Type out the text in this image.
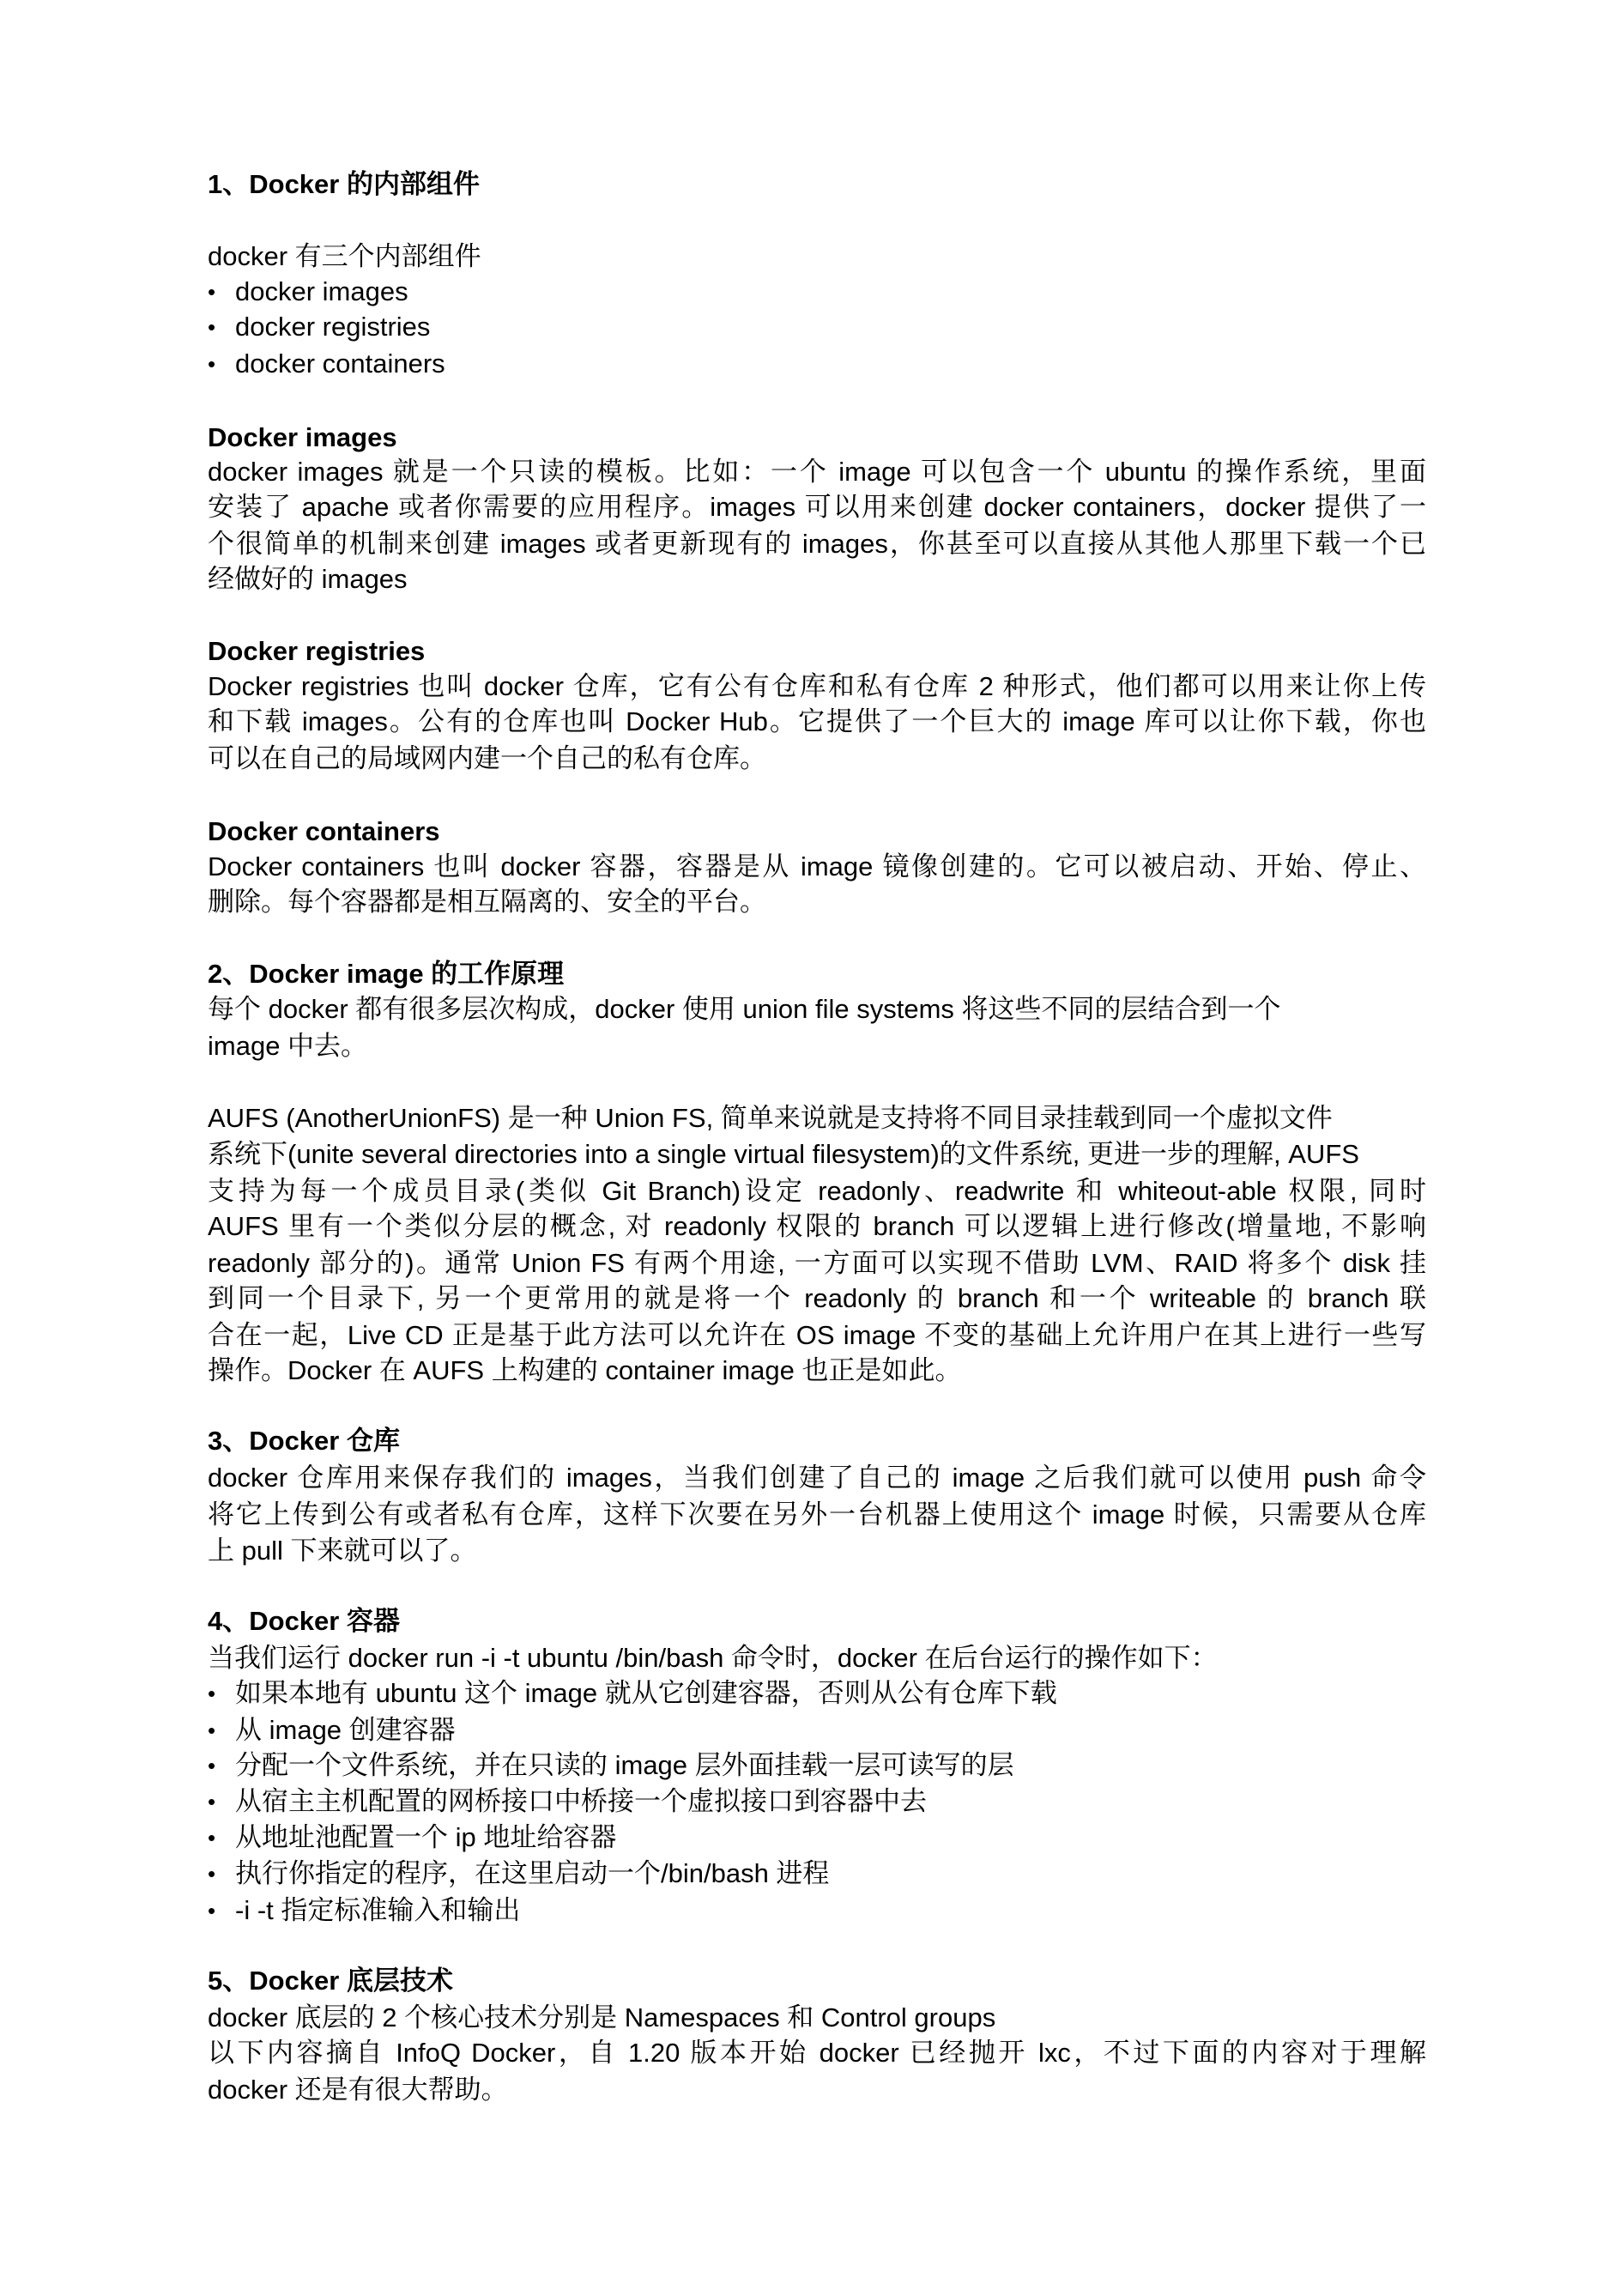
1、Docker 的内部组件
docker 有三个内部组件
• docker images
• docker registries
• docker containers
Docker images
docker images 就是一个只读的模板。比如：一个 image 可以包含一个 ubuntu 的操作系统，里面
安装了 apache 或者你需要的应用程序。images 可以用来创建 docker containers，docker 提供了一
个很简单的机制来创建 images 或者更新现有的 images，你甚至可以直接从其他人那里下载一个已
经做好的 images
Docker registries
Docker registries 也叫 docker 仓库，它有公有仓库和私有仓库 2 种形式，他们都可以用来让你上传
和下载 images。公有的仓库也叫 Docker Hub。它提供了一个巨大的 image 库可以让你下载，你也
可以在自己的局域网内建一个自己的私有仓库。
Docker containers
Docker containers 也叫 docker 容器，容器是从 image 镜像创建的。它可以被启动、开始、停止、
删除。每个容器都是相互隔离的、安全的平台。
2、Docker image 的工作原理
每个 docker 都有很多层次构成，docker 使用 union file systems 将这些不同的层结合到一个
image 中去。
AUFS (AnotherUnionFS) 是一种 Union FS, 简单来说就是支持将不同目录挂载到同一个虚拟文件
系统下(unite several directories into a single virtual filesystem)的文件系统, 更进一步的理解, AUFS
支持为每一个成员目录(类似 Git Branch)设定 readonly、readwrite 和 whiteout-able 权限, 同时
AUFS 里有一个类似分层的概念, 对 readonly 权限的 branch 可以逻辑上进行修改(增量地, 不影响
readonly 部分的)。通常 Union FS 有两个用途, 一方面可以实现不借助 LVM、RAID 将多个 disk 挂
到同一个目录下, 另一个更常用的就是将一个 readonly 的 branch 和一个 writeable 的 branch 联
合在一起，Live CD 正是基于此方法可以允许在 OS image 不变的基础上允许用户在其上进行一些写
操作。Docker 在 AUFS 上构建的 container image 也正是如此。
3、Docker 仓库
docker 仓库用来保存我们的 images，当我们创建了自己的 image 之后我们就可以使用 push 命令
将它上传到公有或者私有仓库，这样下次要在另外一台机器上使用这个 image 时候，只需要从仓库
上 pull 下来就可以了。
4、Docker 容器
当我们运行 docker run -i -t ubuntu /bin/bash 命令时，docker 在后台运行的操作如下：
• 如果本地有 ubuntu 这个 image 就从它创建容器，否则从公有仓库下载
• 从 image 创建容器
• 分配一个文件系统，并在只读的 image 层外面挂载一层可读写的层
• 从宿主主机配置的网桥接口中桥接一个虚拟接口到容器中去
• 从地址池配置一个 ip 地址给容器
• 执行你指定的程序，在这里启动一个/bin/bash 进程
• -i -t 指定标准输入和输出
5、Docker 底层技术
docker 底层的 2 个核心技术分别是 Namespaces 和 Control groups
以下内容摘自 InfoQ Docker，自 1.20 版本开始 docker 已经抛开 lxc，不过下面的内容对于理解
docker 还是有很大帮助。
